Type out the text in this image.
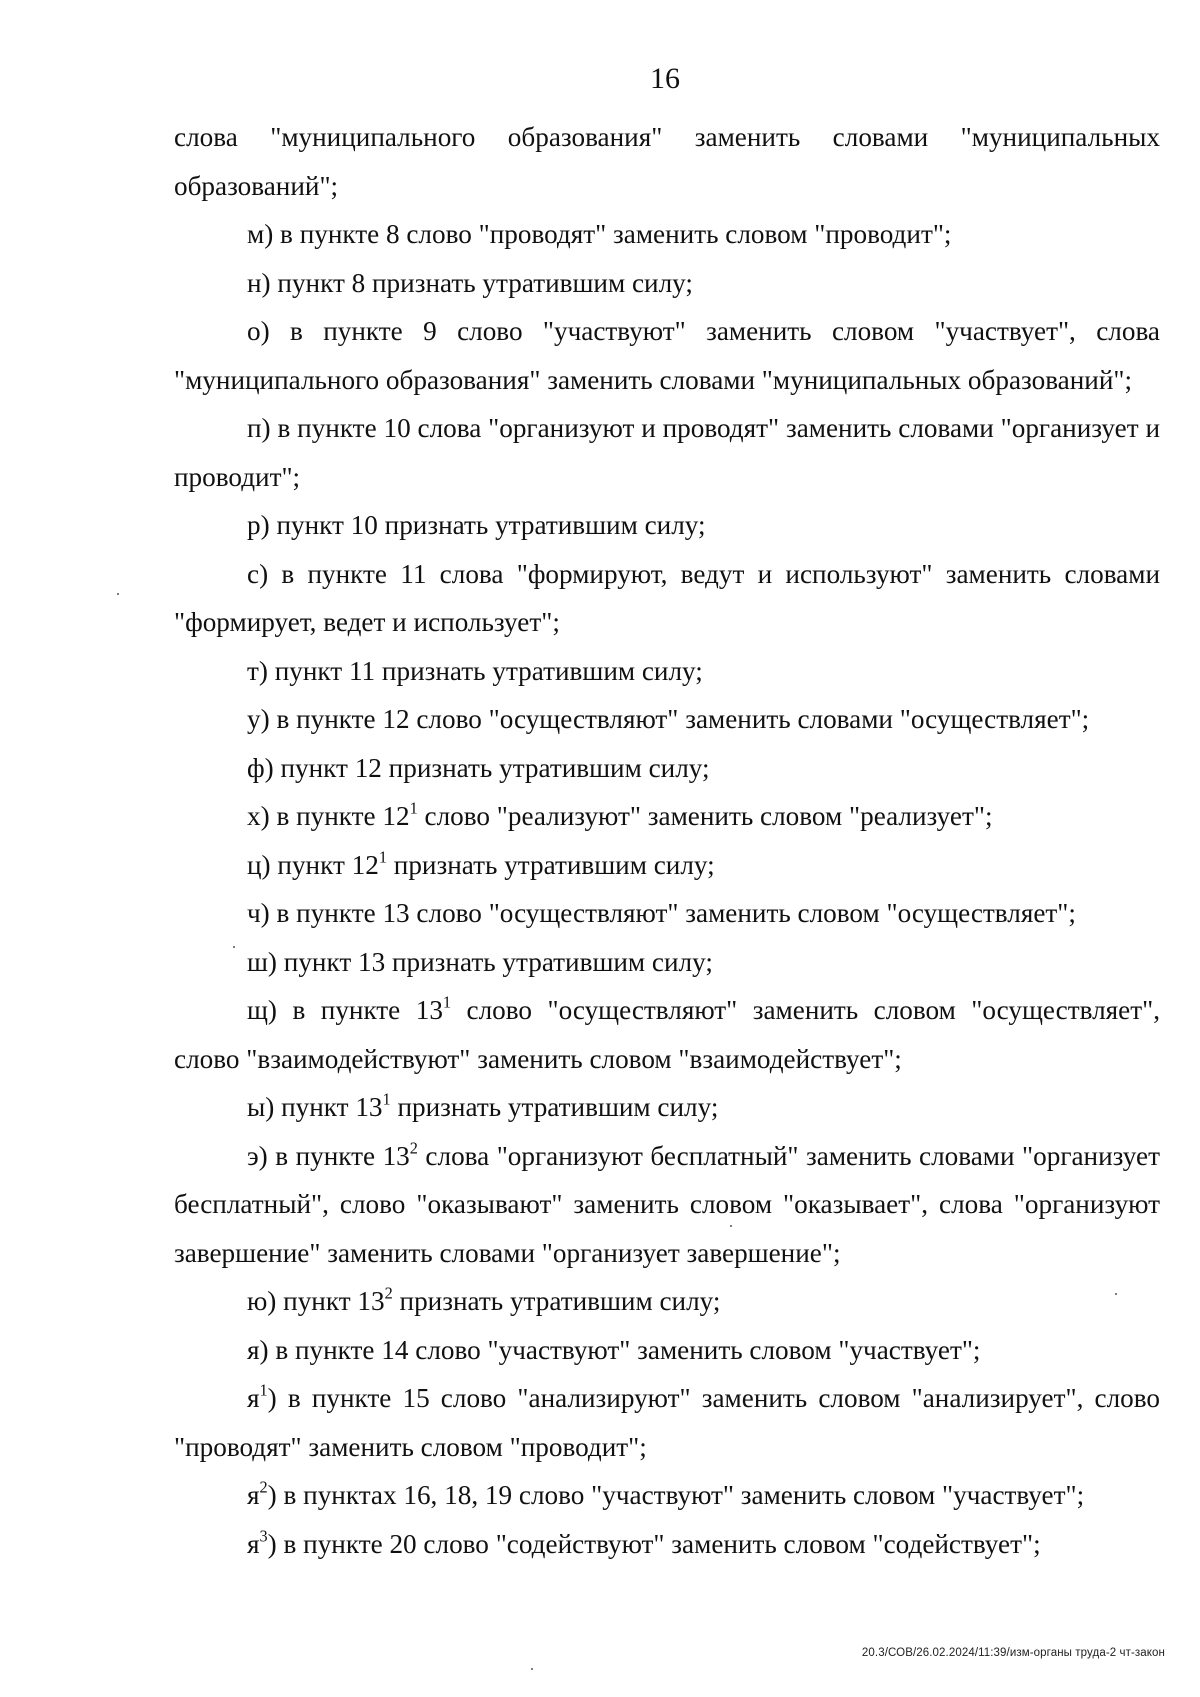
16

слова "муниципального образования" заменить словами "муниципальных образований";

м) в пункте 8 слово "проводят" заменить словом "проводит";

н) пункт 8 признать утратившим силу;

о) в пункте 9 слово "участвуют" заменить словом "участвует", слова "муниципального образования" заменить словами "муниципальных образований";

п) в пункте 10 слова "организуют и проводят" заменить словами "организует и проводит";

р) пункт 10 признать утратившим силу;

с) в пункте 11 слова "формируют, ведут и используют" заменить словами "формирует, ведет и использует";

т) пункт 11 признать утратившим силу;

у) в пункте 12 слово "осуществляют" заменить словами "осуществляет";

ф) пункт 12 признать утратившим силу;

х) в пункте $12^1$ слово "реализуют" заменить словом "реализует";

ц) пункт $12^1$ признать утратившим силу;

ч) в пункте 13 слово "осуществляют" заменить словом "осуществляет";

ш) пункт 13 признать утратившим силу;

щ) в пункте $13^1$ слово "осуществляют" заменить словом "осуществляет", слово "взаимодействуют" заменить словом "взаимодействует";

ы) пункт $13^1$ признать утратившим силу;

э) в пункте $13^2$ слова "организуют бесплатный" заменить словами "организует бесплатный", слово "оказывают" заменить словом "оказывает", слова "организуют завершение" заменить словами "организует завершение";

ю) пункт $13^2$ признать утратившим силу;

я) в пункте 14 слово "участвуют" заменить словом "участвует";

$я^1$) в пункте 15 слово "анализируют" заменить словом "анализирует", слово "проводят" заменить словом "проводит";

$я^2$) в пунктах 16, 18, 19 слово "участвуют" заменить словом "участвует";

$я^3$) в пункте 20 слово "содействуют" заменить словом "содействует";

20.3/СОВ/26.02.2024/11:39/изм-органы труда-2 чт-закон
